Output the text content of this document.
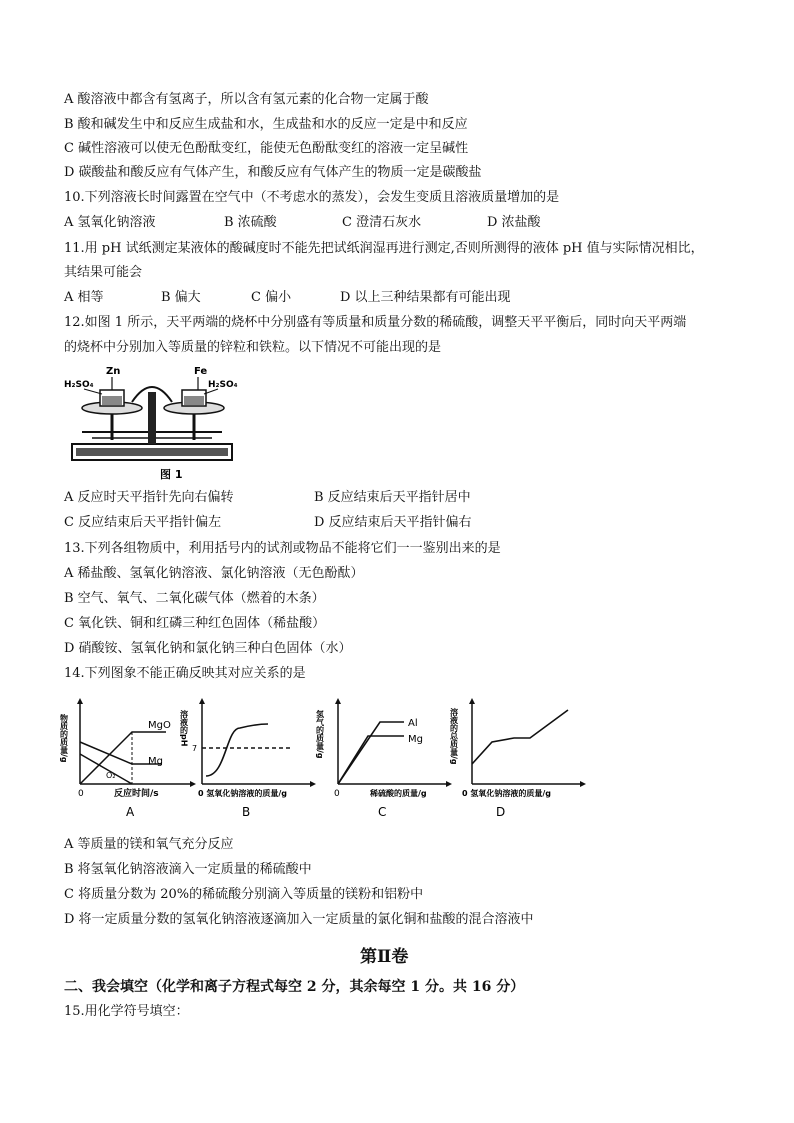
A 酸溶液中都含有氢离子，所以含有氢元素的化合物一定属于酸
B 酸和碱发生中和反应生成盐和水，生成盐和水的反应一定是中和反应
C 碱性溶液可以使无色酚酞变红，能使无色酚酞变红的溶液一定呈碱性
D 碳酸盐和酸反应有气体产生，和酸反应有气体产生的物质一定是碳酸盐
10.下列溶液长时间露置在空气中（不考虑水的蒸发），会发生变质且溶液质量增加的是
A 氢氧化钠溶液	B 浓硫酸	C 澄清石灰水	D 浓盐酸
11.用 pH 试纸测定某液体的酸碱度时不能先把试纸润湿再进行测定,否则所测得的液体 pH 值与实际情况相比，
其结果可能会
A 相等	B 偏大	C 偏小	D 以上三种结果都有可能出现
12.如图 1 所示，天平两端的烧杯中分别盛有等质量和质量分数的稀硫酸，调整天平平衡后，同时向天平两端
的烧杯中分别加入等质量的锌粒和铁粒。以下情况不可能出现的是
H₂SO₄
Zn	Fe
H₂SO₄
图 1
A 反应时天平指针先向右偏转	B 反应结束后天平指针居中
C 反应结束后天平指针偏左	D 反应结束后天平指针偏右
13.下列各组物质中，利用括号内的试剂或物品不能将它们一一鉴别出来的是
A 稀盐酸、氢氧化钠溶液、氯化钠溶液（无色酚酞）
B 空气、氧气、二氧化碳气体（燃着的木条）
C 氧化铁、铜和红磷三种红色固体（稀盐酸）
D 硝酸铵、氢氧化钠和氯化钠三种白色固体（水）
14.下列图象不能正确反映其对应关系的是
物质的质量/g	MgO
Mg
O₂
0	反应时间/s
A
溶液的pH
7
0 氢氧化钠溶液的质量/g
B
氢气的质量/g	Al
Mg
0	稀硫酸的质量/g
C
溶液的总质量/g
0 氢氧化钠溶液的质量/g
D
A 等质量的镁和氧气充分反应
B 将氢氧化钠溶液滴入一定质量的稀硫酸中
C 将质量分数为 20%的稀硫酸分别滴入等质量的镁粉和铝粉中
D 将一定质量分数的氢氧化钠溶液逐滴加入一定质量的氯化铜和盐酸的混合溶液中
第Ⅱ卷
二、我会填空（化学和离子方程式每空 2 分，其余每空 1 分。共 16 分）
15.用化学符号填空：
